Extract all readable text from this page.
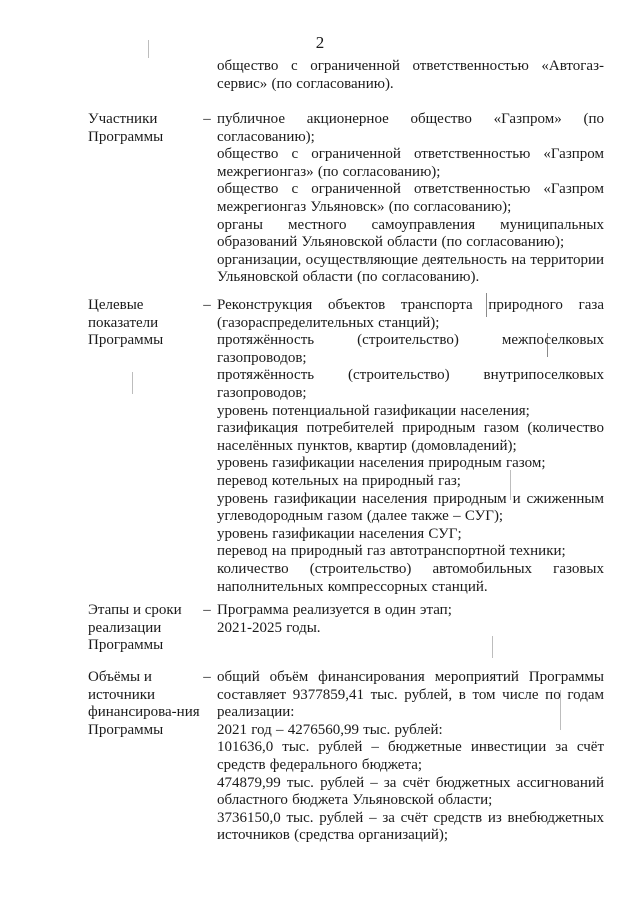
2

общество с ограниченной ответственностью «Автогаз-сервис» (по согласованию).

Участники Программы
– публичное акционерное общество «Газпром» (по согласованию);

общество с ограниченной ответственностью «Газпром межрегионгаз» (по согласованию);

общество с ограниченной ответственностью «Газпром межрегионгаз Ульяновск» (по согласованию);

органы местного самоуправления муниципальных образований Ульяновской области (по согласованию);

организации, осуществляющие деятельность на территории Ульяновской области (по согласованию).

Целевые показатели Программы
– Реконструкция объектов транспорта природного газа (газораспределительных станций);

протяжённость (строительство) межпоселковых газопроводов;

протяжённость (строительство) внутрипоселковых газопроводов;

уровень потенциальной газификации населения;

газификация потребителей природным газом (количество населённых пунктов, квартир (домовладений);

уровень газификации населения природным газом;

перевод котельных на природный газ;

уровень газификации населения природным и сжиженным углеводородным газом (далее также – СУГ);

уровень газификации населения СУГ;

перевод на природный газ автотранспортной техники;

количество (строительство) автомобильных газовых наполнительных компрессорных станций.

Этапы и сроки реализации Программы
– Программа реализуется в один этап;

2021-2025 годы.

Объёмы и источники финансирова-ния Программы
– общий объём финансирования мероприятий Программы составляет 9377859,41 тыс. рублей, в том числе по годам реализации:

2021 год – 4276560,99 тыс. рублей:

101636,0 тыс. рублей – бюджетные инвестиции за счёт средств федерального бюджета;

474879,99 тыс. рублей – за счёт бюджетных ассигнований областного бюджета Ульяновской области;

3736150,0 тыс. рублей – за счёт средств из внебюджетных источников (средства организаций);
